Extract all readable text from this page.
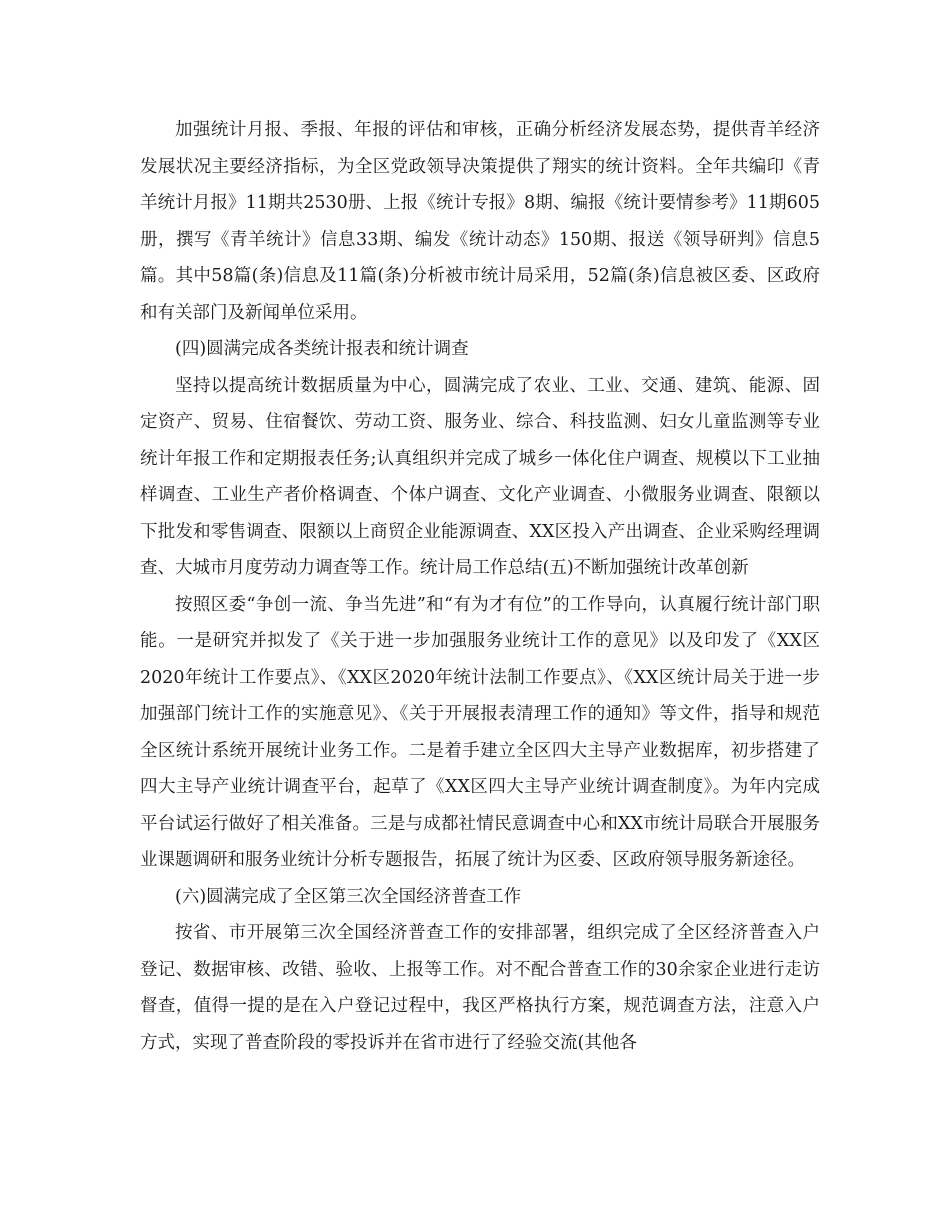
加强统计月报、季报、年报的评估和审核，正确分析经济发展态势，提供青羊经济发展状况主要经济指标，为全区党政领导决策提供了翔实的统计资料。全年共编印《青羊统计月报》11期共2530册、上报《统计专报》8期、编报《统计要情参考》11期605册，撰写《青羊统计》信息33期、编发《统计动态》150期、报送《领导研判》信息5篇。其中58篇(条)信息及11篇(条)分析被市统计局采用，52篇(条)信息被区委、区政府和有关部门及新闻单位采用。

(四)圆满完成各类统计报表和统计调查

坚持以提高统计数据质量为中心，圆满完成了农业、工业、交通、建筑、能源、固定资产、贸易、住宿餐饮、劳动工资、服务业、综合、科技监测、妇女儿童监测等专业统计年报工作和定期报表任务;认真组织并完成了城乡一体化住户调查、规模以下工业抽样调查、工业生产者价格调查、个体户调查、文化产业调查、小微服务业调查、限额以下批发和零售调查、限额以上商贸企业能源调查、XX区投入产出调查、企业采购经理调查、大城市月度劳动力调查等工作。统计局工作总结(五)不断加强统计改革创新

按照区委“争创一流、争当先进”和“有为才有位”的工作导向，认真履行统计部门职能。一是研究并拟发了《关于进一步加强服务业统计工作的意见》以及印发了《XX区2020年统计工作要点》、《XX区2020年统计法制工作要点》、《XX区统计局关于进一步加强部门统计工作的实施意见》、《关于开展报表清理工作的通知》等文件，指导和规范全区统计系统开展统计业务工作。二是着手建立全区四大主导产业数据库，初步搭建了四大主导产业统计调查平台，起草了《XX区四大主导产业统计调查制度》。为年内完成平台试运行做好了相关准备。三是与成都社情民意调查中心和XX市统计局联合开展服务业课题调研和服务业统计分析专题报告，拓展了统计为区委、区政府领导服务新途径。

(六)圆满完成了全区第三次全国经济普查工作

按省、市开展第三次全国经济普查工作的安排部署，组织完成了全区经济普查入户登记、数据审核、改错、验收、上报等工作。对不配合普查工作的30余家企业进行走访督查，值得一提的是在入户登记过程中，我区严格执行方案，规范调查方法，注意入户方式，实现了普查阶段的零投诉并在省市进行了经验交流(其他各
